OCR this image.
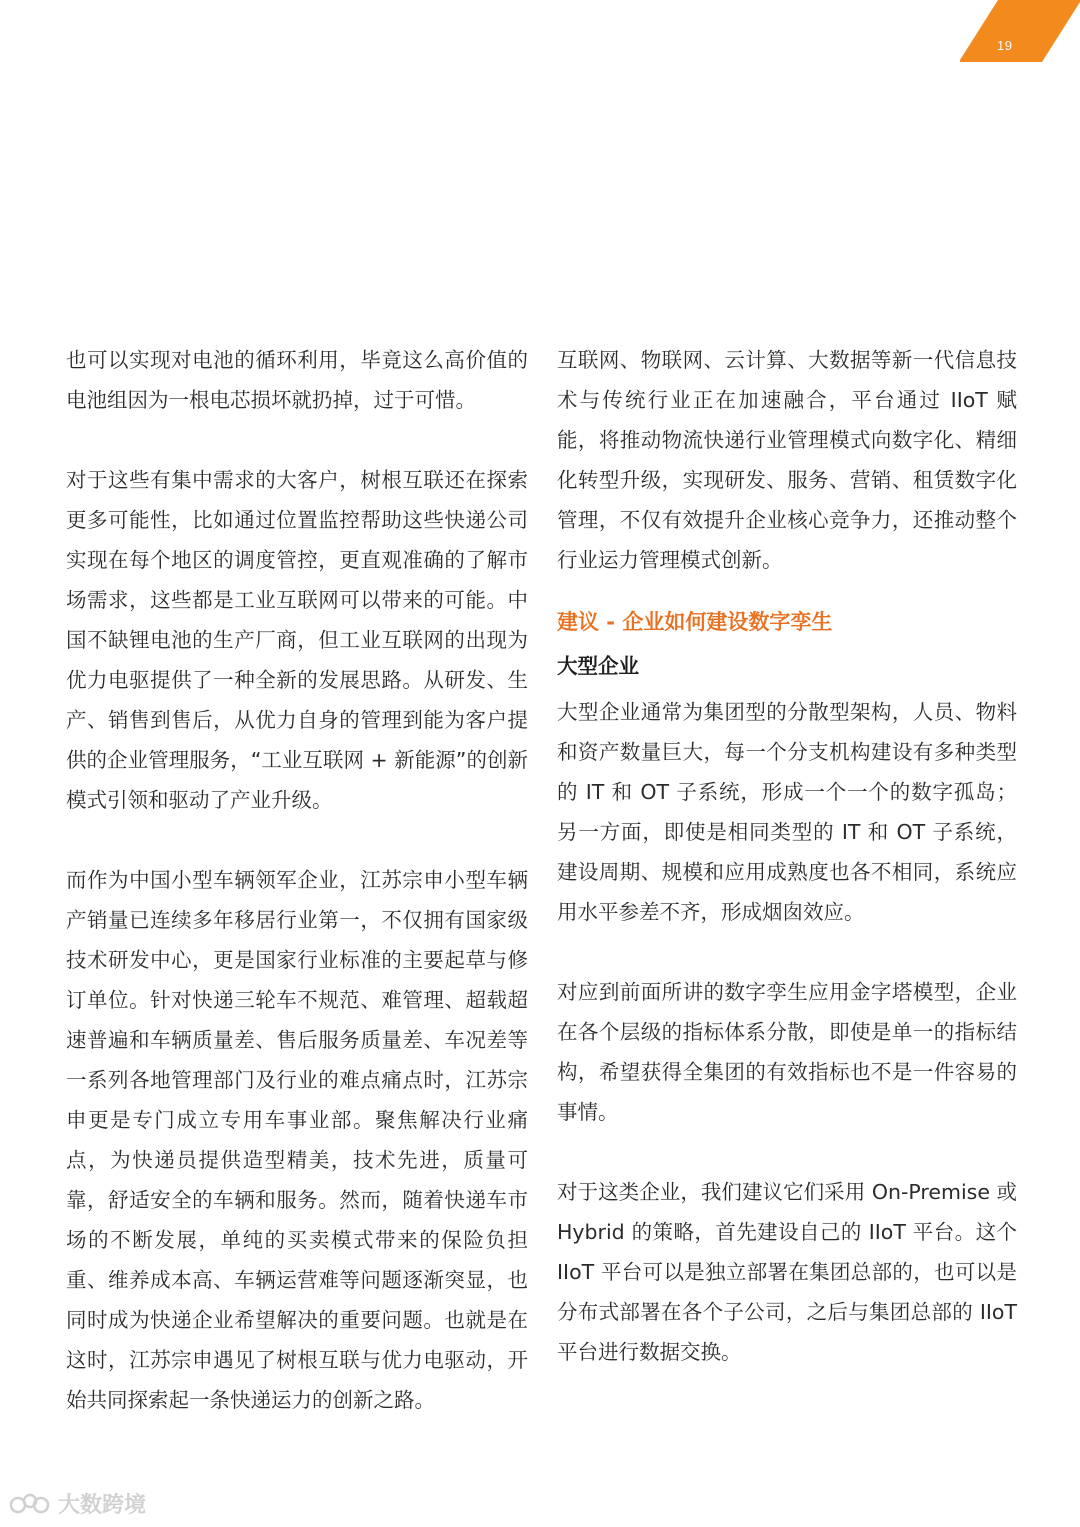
19

也可以实现对电池的循环利用，毕竟这么高价值的电池组因为一根电芯损坏就扔掉，过于可惜。

对于这些有集中需求的大客户，树根互联还在探索更多可能性，比如通过位置监控帮助这些快递公司实现在每个地区的调度管控，更直观准确的了解市场需求，这些都是工业互联网可以带来的可能。中国不缺锂电池的生产厂商，但工业互联网的出现为优力电驱提供了一种全新的发展思路。从研发、生产、销售到售后，从优力自身的管理到能为客户提供的企业管理服务，“工业互联网 + 新能源”的创新模式引领和驱动了产业升级。

而作为中国小型车辆领军企业，江苏宗申小型车辆产销量已连续多年移居行业第一，不仅拥有国家级技术研发中心，更是国家行业标准的主要起草与修订单位。针对快递三轮车不规范、难管理、超载超速普遍和车辆质量差、售后服务质量差、车况差等一系列各地管理部门及行业的难点痛点时，江苏宗申更是专门成立专用车事业部。聚焦解决行业痛点，为快递员提供造型精美，技术先进，质量可靠，舒适安全的车辆和服务。然而，随着快递车市场的不断发展，单纯的买卖模式带来的保险负担重、维养成本高、车辆运营难等问题逐渐突显，也同时成为快递企业希望解决的重要问题。也就是在这时，江苏宗申遇见了树根互联与优力电驱动，开始共同探索起一条快递运力的创新之路。

互联网、物联网、云计算、大数据等新一代信息技术与传统行业正在加速融合，平台通过 IIoT 赋能，将推动物流快递行业管理模式向数字化、精细化转型升级，实现研发、服务、营销、租赁数字化管理，不仅有效提升企业核心竞争力，还推动整个行业运力管理模式创新。

建议 - 企业如何建设数字孪生
大型企业

大型企业通常为集团型的分散型架构，人员、物料和资产数量巨大，每一个分支机构建设有多种类型的 IT 和 OT 子系统，形成一个一个的数字孤岛；另一方面，即使是相同类型的 IT 和 OT 子系统，建设周期、规模和应用成熟度也各不相同，系统应用水平参差不齐，形成烟囱效应。

对应到前面所讲的数字孪生应用金字塔模型，企业在各个层级的指标体系分散，即使是单一的指标结构，希望获得全集团的有效指标也不是一件容易的事情。

对于这类企业，我们建议它们采用 On-Premise 或 Hybrid 的策略，首先建设自己的 IIoT 平台。这个 IIoT 平台可以是独立部署在集团总部的，也可以是分布式部署在各个子公司，之后与集团总部的 IIoT 平台进行数据交换。

大数跨境
